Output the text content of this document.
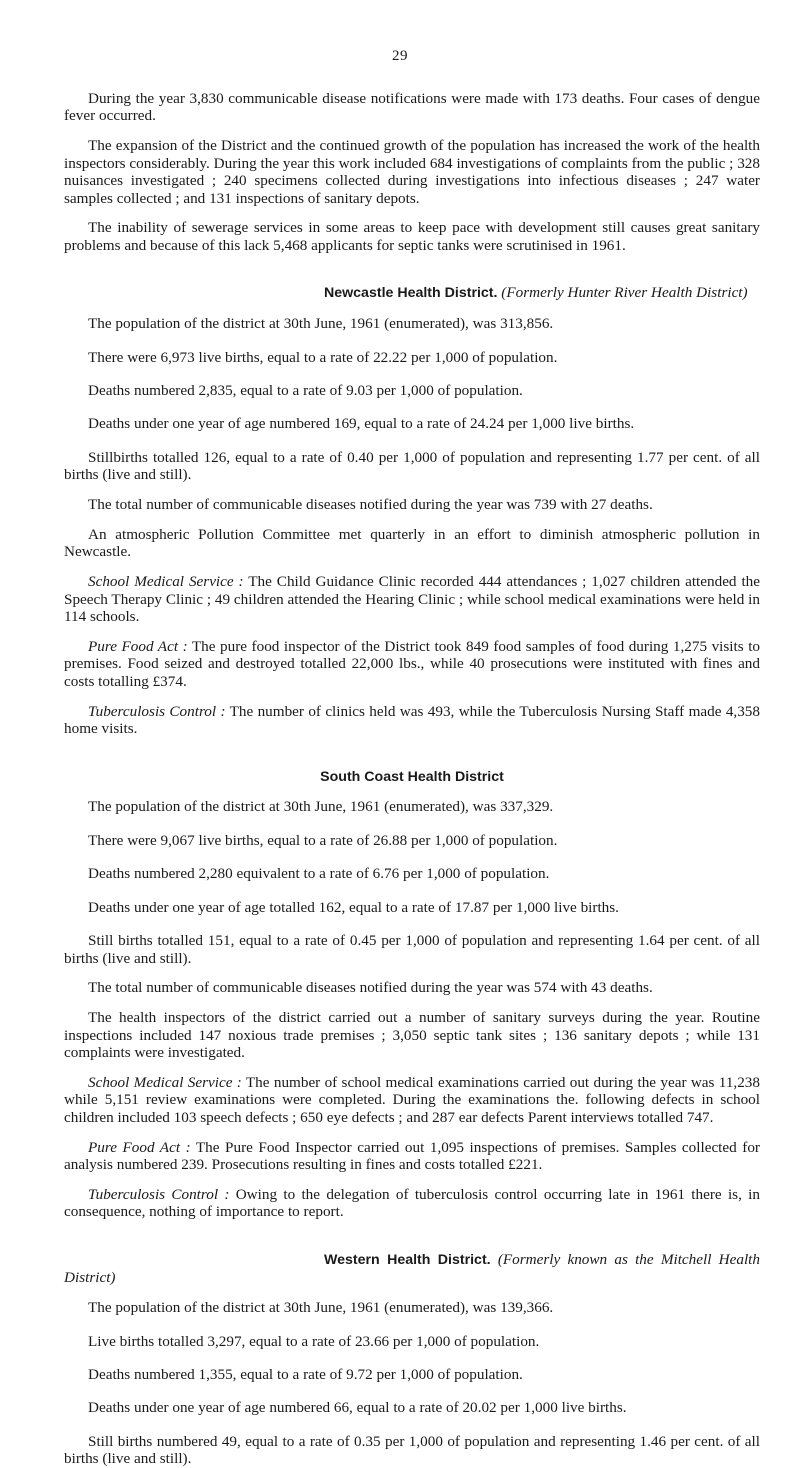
29

During the year 3,830 communicable disease notifications were made with 173 deaths. Four cases of dengue fever occurred.

The expansion of the District and the continued growth of the population has increased the work of the health inspectors considerably. During the year this work included 684 investigations of complaints from the public ; 328 nuisances investigated ; 240 specimens collected during investigations into infectious diseases ; 247 water samples collected ; and 131 inspections of sanitary depots.

The inability of sewerage services in some areas to keep pace with development still causes great sanitary problems and because of this lack 5,468 applicants for septic tanks were scrutinised in 1961.

Newcastle Health District. (Formerly Hunter River Health District)

The population of the district at 30th June, 1961 (enumerated), was 313,856.

There were 6,973 live births, equal to a rate of 22.22 per 1,000 of population.

Deaths numbered 2,835, equal to a rate of 9.03 per 1,000 of population.

Deaths under one year of age numbered 169, equal to a rate of 24.24 per 1,000 live births.

Stillbirths totalled 126, equal to a rate of 0.40 per 1,000 of population and representing 1.77 per cent. of all births (live and still).

The total number of communicable diseases notified during the year was 739 with 27 deaths.

An atmospheric Pollution Committee met quarterly in an effort to diminish atmospheric pollution in Newcastle.

School Medical Service : The Child Guidance Clinic recorded 444 attendances ; 1,027 children attended the Speech Therapy Clinic ; 49 children attended the Hearing Clinic ; while school medical examinations were held in 114 schools.

Pure Food Act : The pure food inspector of the District took 849 food samples of food during 1,275 visits to premises. Food seized and destroyed totalled 22,000 lbs., while 40 prosecutions were instituted with fines and costs totalling £374.

Tuberculosis Control : The number of clinics held was 493, while the Tuberculosis Nursing Staff made 4,358 home visits.

South Coast Health District

The population of the district at 30th June, 1961 (enumerated), was 337,329.

There were 9,067 live births, equal to a rate of 26.88 per 1,000 of population.

Deaths numbered 2,280 equivalent to a rate of 6.76 per 1,000 of population.

Deaths under one year of age totalled 162, equal to a rate of 17.87 per 1,000 live births.

Still births totalled 151, equal to a rate of 0.45 per 1,000 of population and representing 1.64 per cent. of all births (live and still).

The total number of communicable diseases notified during the year was 574 with 43 deaths.

The health inspectors of the district carried out a number of sanitary surveys during the year. Routine inspections included 147 noxious trade premises ; 3,050 septic tank sites ; 136 sanitary depots ; while 131 complaints were investigated.

School Medical Service : The number of school medical examinations carried out during the year was 11,238 while 5,151 review examinations were completed. During the examinations the. following defects in school children included 103 speech defects ; 650 eye defects ; and 287 ear defects Parent interviews totalled 747.

Pure Food Act : The Pure Food Inspector carried out 1,095 inspections of premises. Samples collected for analysis numbered 239. Prosecutions resulting in fines and costs totalled £221.

Tuberculosis Control : Owing to the delegation of tuberculosis control occurring late in 1961 there is, in consequence, nothing of importance to report.

Western Health District. (Formerly known as the Mitchell Health District)

The population of the district at 30th June, 1961 (enumerated), was 139,366.

Live births totalled 3,297, equal to a rate of 23.66 per 1,000 of population.

Deaths numbered 1,355, equal to a rate of 9.72 per 1,000 of population.

Deaths under one year of age numbered 66, equal to a rate of 20.02 per 1,000 live births.

Still births numbered 49, equal to a rate of 0.35 per 1,000 of population and representing 1.46 per cent. of all births (live and still).
